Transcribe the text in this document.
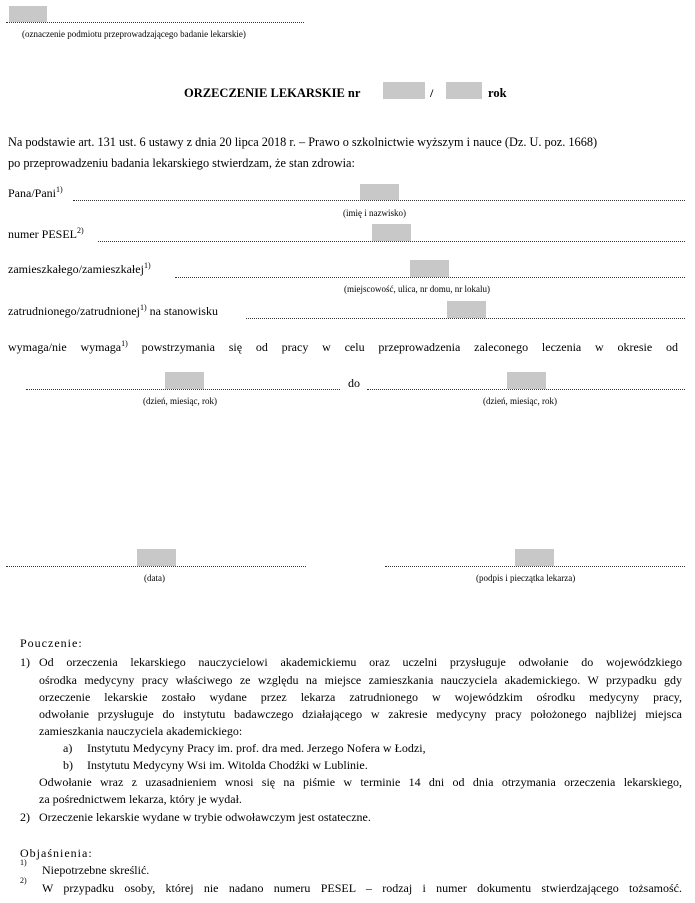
(oznaczenie podmiotu przeprowadzającego badanie lekarskie)
ORZECZENIE LEKARSKIE nr	/	rok
Na podstawie art. 131 ust. 6 ustawy z dnia 20 lipca 2018 r. – Prawo o szkolnictwie wyższym i nauce (Dz. U. poz. 1668)
po przeprowadzeniu badania lekarskiego stwierdzam, że stan zdrowia:
Pana/Pani$^{1)}$
(imię i nazwisko)
numer PESEL$^{2)}$
zamieszkałego/zamieszkałej$^{1)}$
(miejscowość, ulica, nr domu, nr lokalu)
zatrudnionego/zatrudnionej$^{1)}$ na stanowisku
wymaga/nie wymaga$^{1)}$ powstrzymania się od pracy w celu przeprowadzenia zaleconego leczenia w okresie od
do
(dzień, miesiąc, rok)	(dzień, miesiąc, rok)
(data)	(podpis i pieczątka lekarza)
Pouczenie:
1) Od orzeczenia lekarskiego nauczycielowi akademickiemu oraz uczelni przysługuje odwołanie do wojewódzkiego
ośrodka medycyny pracy właściwego ze względu na miejsce zamieszkania nauczyciela akademickiego. W przypadku gdy
orzeczenie lekarskie zostało wydane przez lekarza zatrudnionego w wojewódzkim ośrodku medycyny pracy,
odwołanie przysługuje do instytutu badawczego działającego w zakresie medycyny pracy położonego najbliżej miejsca
zamieszkania nauczyciela akademickiego:
a) Instytutu Medycyny Pracy im. prof. dra med. Jerzego Nofera w Łodzi,
b) Instytutu Medycyny Wsi im. Witolda Chodźki w Lublinie.
Odwołanie wraz z uzasadnieniem wnosi się na piśmie w terminie 14 dni od dnia otrzymania orzeczenia lekarskiego,
za pośrednictwem lekarza, który je wydał.
2) Orzeczenie lekarskie wydane w trybie odwoławczym jest ostateczne.
Objaśnienia:
1)
Niepotrzebne skreślić.
2)
W przypadku osoby, której nie nadano numeru PESEL – rodzaj i numer dokumentu stwierdzającego tożsamość.
